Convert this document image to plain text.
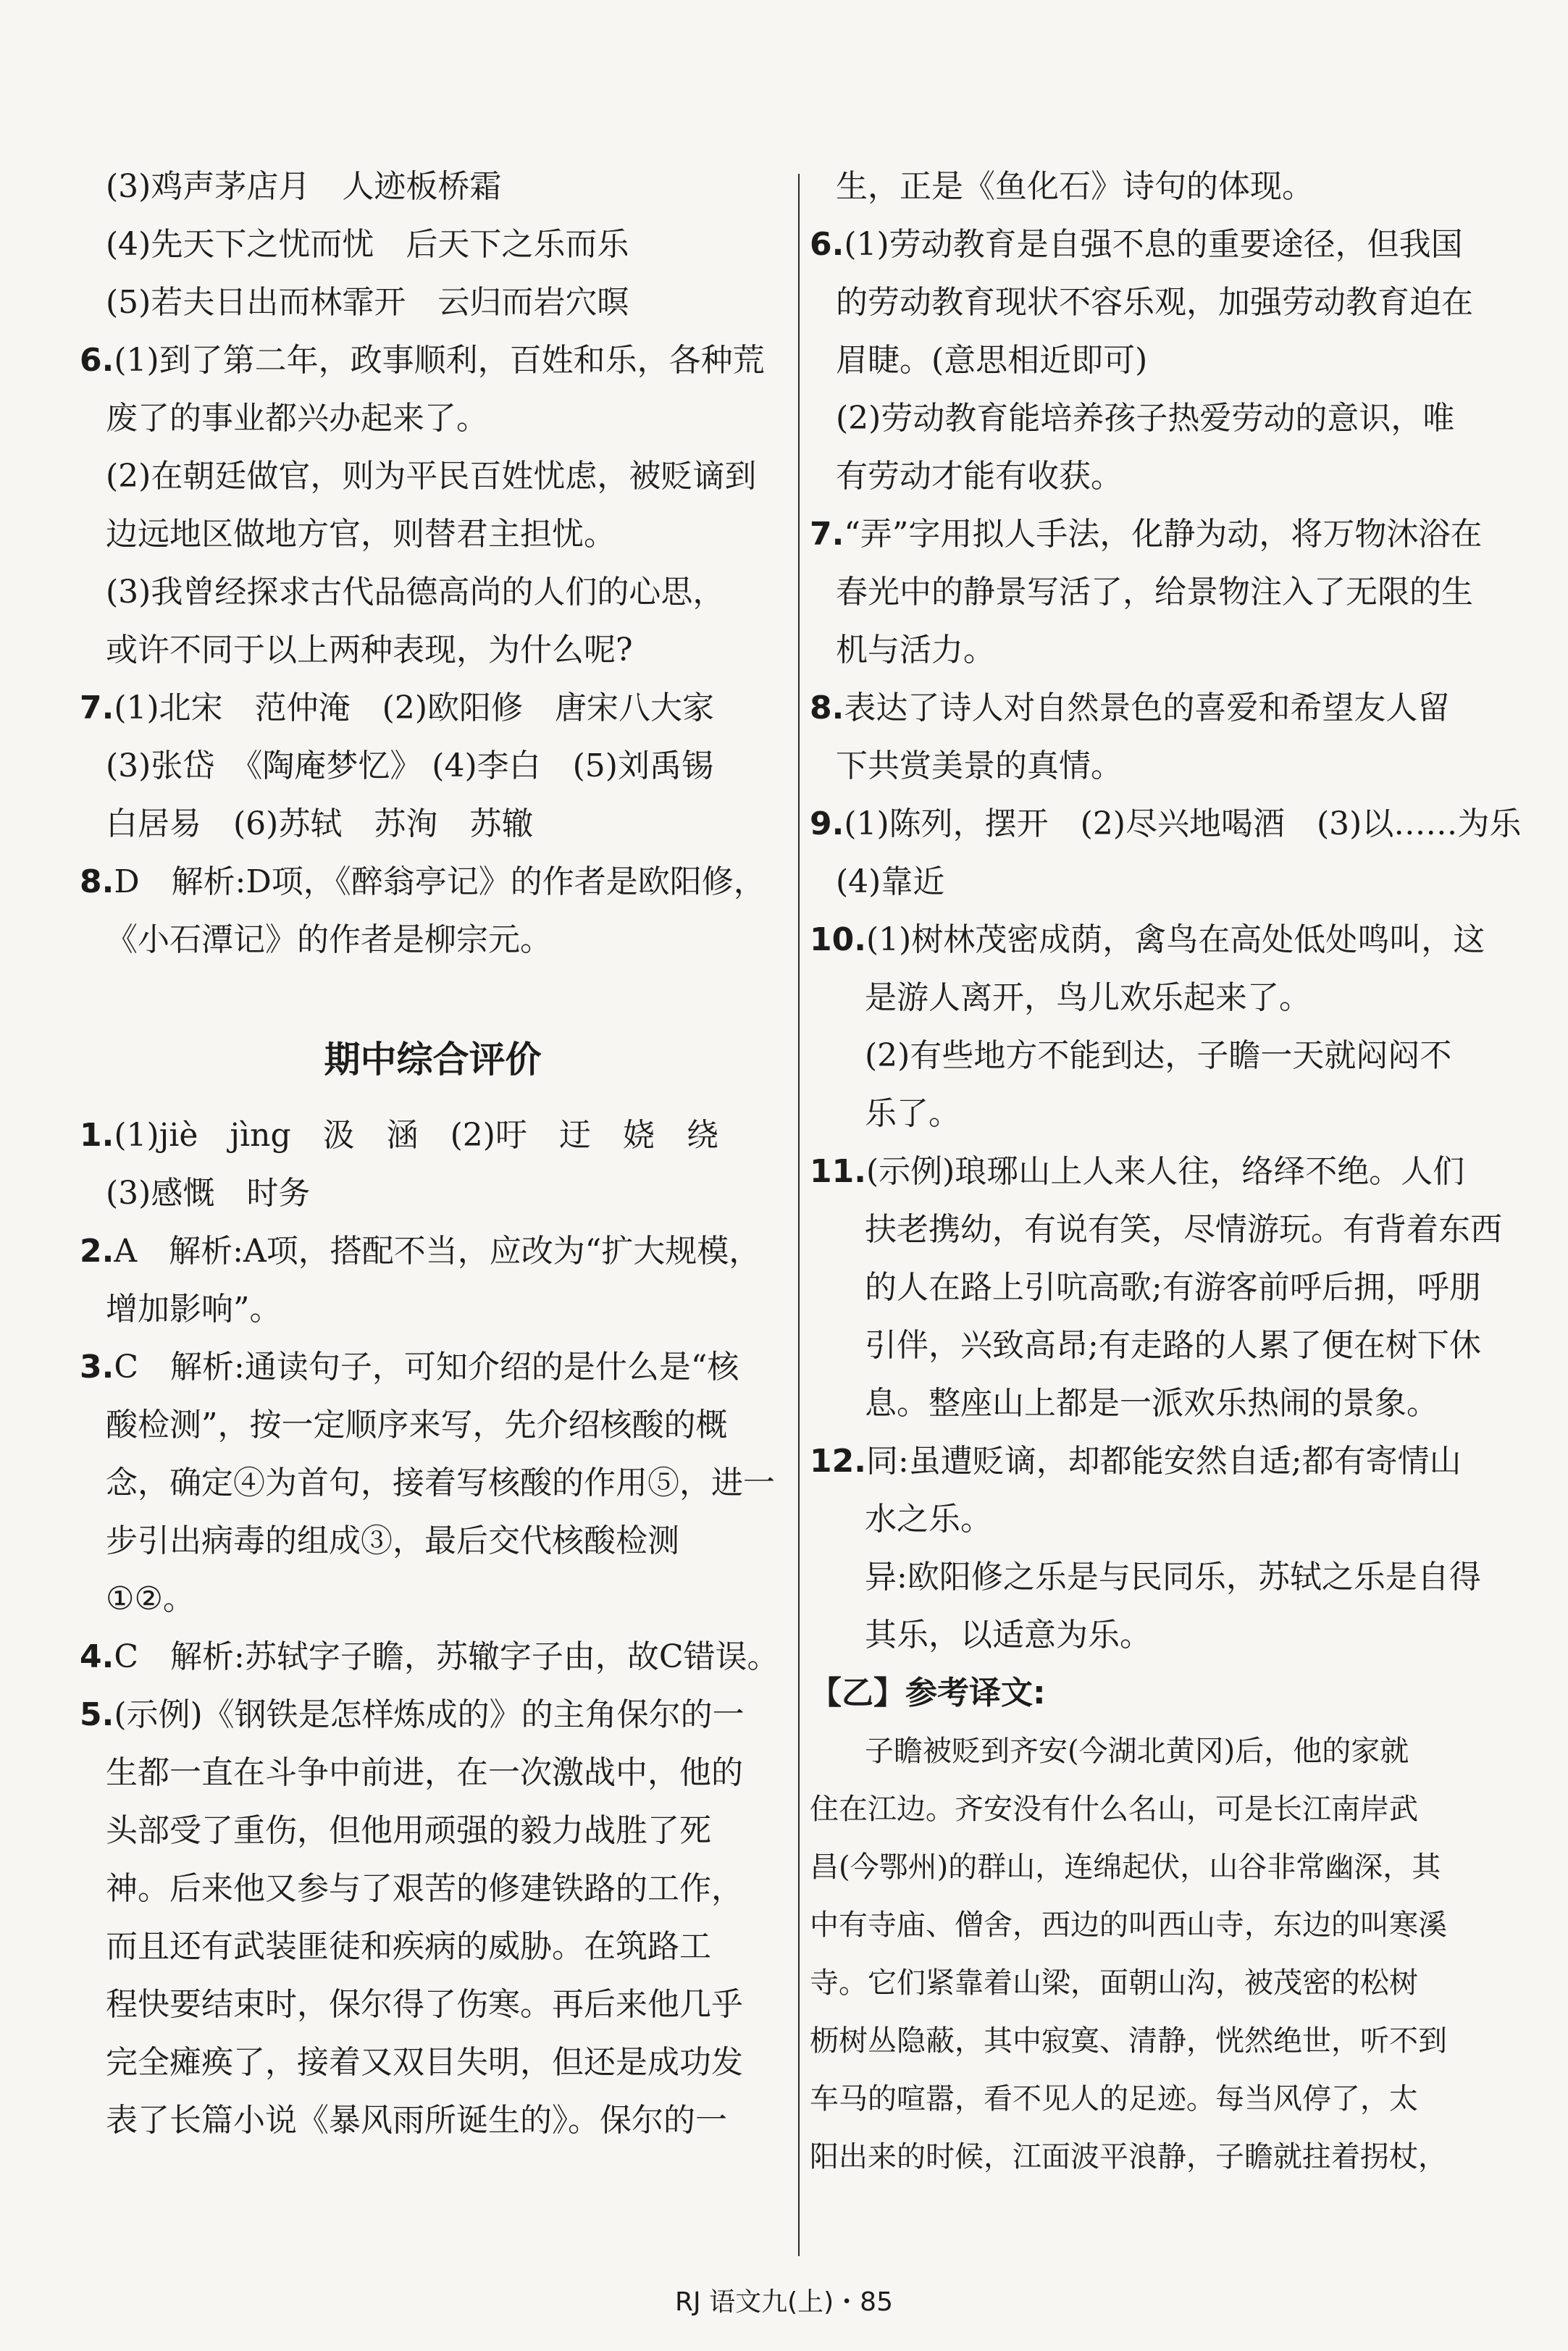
(3)鸡声茅店月　人迹板桥霜
(4)先天下之忧而忧　后天下之乐而乐
(5)若夫日出而林霏开　云归而岩穴暝
6.(1)到了第二年，政事顺利，百姓和乐，各种荒
废了的事业都兴办起来了。
(2)在朝廷做官，则为平民百姓忧虑，被贬谪到
边远地区做地方官，则替君主担忧。
(3)我曾经探求古代品德高尚的人们的心思，
或许不同于以上两种表现，为什么呢?
7.(1)北宋　范仲淹　(2)欧阳修　唐宋八大家
(3)张岱　《陶庵梦忆》 (4)李白　(5)刘禹锡
白居易　(6)苏轼　苏洵　苏辙
8.D　解析:D项，《醉翁亭记》的作者是欧阳修，
《小石潭记》的作者是柳宗元。
期中综合评价
1.(1)jiè　jìng　汲　涵　(2)吁　迂　娆　绕
(3)感慨　时务
2.A　解析:A项，搭配不当，应改为“扩大规模，
增加影响”。
3.C　解析:通读句子，可知介绍的是什么是“核
酸检测”，按一定顺序来写，先介绍核酸的概
念，确定④为首句，接着写核酸的作用⑤，进一
步引出病毒的组成③，最后交代核酸检测
①②。
4.C　解析:苏轼字子瞻，苏辙字子由，故C错误。
5.(示例)《钢铁是怎样炼成的》的主角保尔的一
生都一直在斗争中前进，在一次激战中，他的
头部受了重伤，但他用顽强的毅力战胜了死
神。后来他又参与了艰苦的修建铁路的工作，
而且还有武装匪徒和疾病的威胁。在筑路工
程快要结束时，保尔得了伤寒。再后来他几乎
完全瘫痪了，接着又双目失明，但还是成功发
表了长篇小说《暴风雨所诞生的》。保尔的一
生，正是《鱼化石》诗句的体现。
6.(1)劳动教育是自强不息的重要途径，但我国
的劳动教育现状不容乐观，加强劳动教育迫在
眉睫。(意思相近即可)
(2)劳动教育能培养孩子热爱劳动的意识，唯
有劳动才能有收获。
7.“弄”字用拟人手法，化静为动，将万物沐浴在
春光中的静景写活了，给景物注入了无限的生
机与活力。
8.表达了诗人对自然景色的喜爱和希望友人留
下共赏美景的真情。
9.(1)陈列，摆开　(2)尽兴地喝酒　(3)以……为乐
(4)靠近
10.(1)树林茂密成荫，禽鸟在高处低处鸣叫，这
是游人离开，鸟儿欢乐起来了。
(2)有些地方不能到达，子瞻一天就闷闷不
乐了。
11.(示例)琅琊山上人来人往，络绎不绝。人们
扶老携幼，有说有笑，尽情游玩。有背着东西
的人在路上引吭高歌;有游客前呼后拥，呼朋
引伴，兴致高昂;有走路的人累了便在树下休
息。整座山上都是一派欢乐热闹的景象。
12.同:虽遭贬谪，却都能安然自适;都有寄情山
水之乐。
异:欧阳修之乐是与民同乐，苏轼之乐是自得
其乐，以适意为乐。
【乙】参考译文:
子瞻被贬到齐安(今湖北黄冈)后，他的家就
住在江边。齐安没有什么名山，可是长江南岸武
昌(今鄂州)的群山，连绵起伏，山谷非常幽深，其
中有寺庙、僧舍，西边的叫西山寺，东边的叫寒溪
寺。它们紧靠着山梁，面朝山沟，被茂密的松树
枥树丛隐蔽，其中寂寞、清静，恍然绝世，听不到
车马的喧嚣，看不见人的足迹。每当风停了，太
阳出来的时候，江面波平浪静，子瞻就拄着拐杖，
RJ 语文九(上)・85
